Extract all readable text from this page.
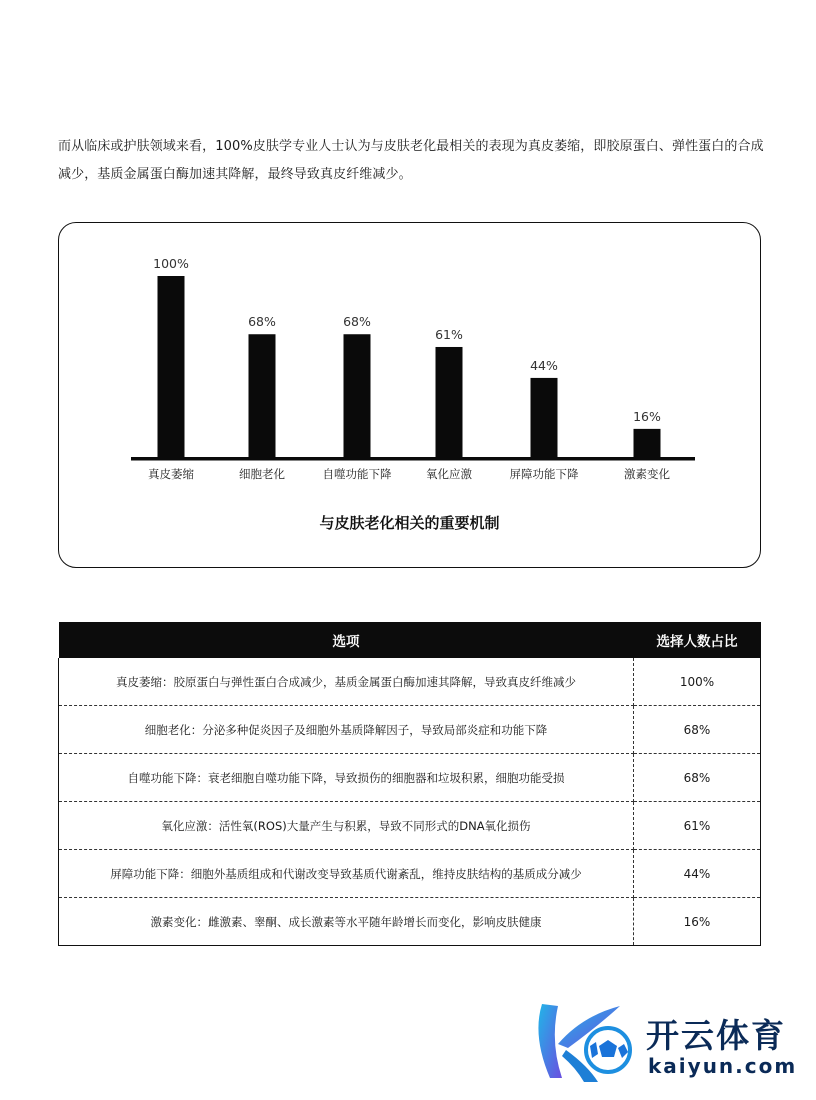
而从临床或护肤领域来看，100%皮肤学专业人士认为与皮肤老化最相关的表现为真皮萎缩，即胶原蛋白、弹性蛋白的合成减少，基质金属蛋白酶加速其降解，最终导致真皮纤维减少。

100%
68%	68%
61%
44%
16%
真皮萎缩	细胞老化	自噬功能下降	氧化应激	屏障功能下降	激素变化
与皮肤老化相关的重要机制
选项	选择人数占比
真皮萎缩：胶原蛋白与弹性蛋白合成减少，基质金属蛋白酶加速其降解，导致真皮纤维减少	100%
细胞老化：分泌多种促炎因子及细胞外基质降解因子，导致局部炎症和功能下降	68%
自噬功能下降：衰老细胞自噬功能下降，导致损伤的细胞器和垃圾积累，细胞功能受损	68%
氧化应激：活性氧(ROS)大量产生与积累，导致不同形式的DNA氧化损伤	61%
屏障功能下降：细胞外基质组成和代谢改变导致基质代谢紊乱，维持皮肤结构的基质成分减少	44%
激素变化：雌激素、睾酮、成长激素等水平随年龄增长而变化，影响皮肤健康	16%
开云体育
kaiyun.com
